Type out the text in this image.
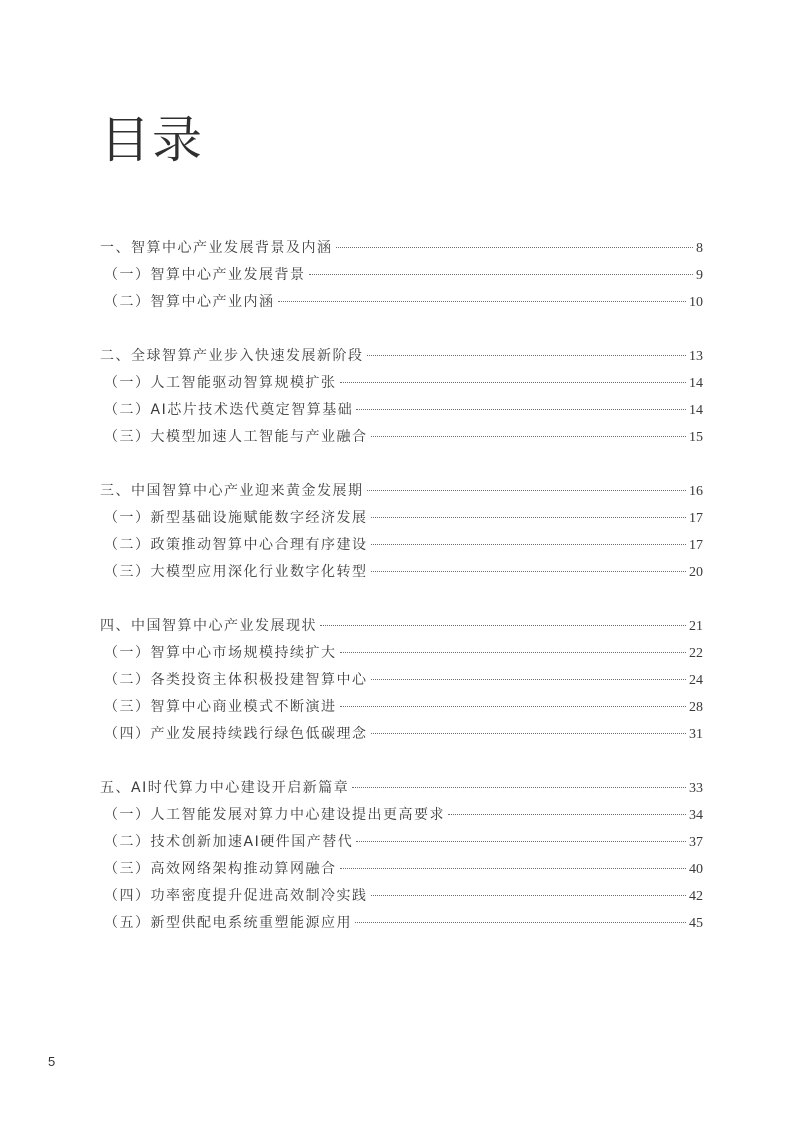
目录
一、智算中心产业发展背景及内涵	8
（一）智算中心产业发展背景	9
（二）智算中心产业内涵	10
二、全球智算产业步入快速发展新阶段	13
（一）人工智能驱动智算规模扩张	14
（二）AI芯片技术迭代奠定智算基础	14
（三）大模型加速人工智能与产业融合	15
三、中国智算中心产业迎来黄金发展期	16
（一）新型基础设施赋能数字经济发展	17
（二）政策推动智算中心合理有序建设	17
（三）大模型应用深化行业数字化转型	20
四、中国智算中心产业发展现状	21
（一）智算中心市场规模持续扩大	22
（二）各类投资主体积极投建智算中心	24
（三）智算中心商业模式不断演进	28
（四）产业发展持续践行绿色低碳理念	31
五、AI时代算力中心建设开启新篇章	33
（一）人工智能发展对算力中心建设提出更高要求	34
（二）技术创新加速AI硬件国产替代	37
（三）高效网络架构推动算网融合	40
（四）功率密度提升促进高效制冷实践	42
（五）新型供配电系统重塑能源应用	45
5
